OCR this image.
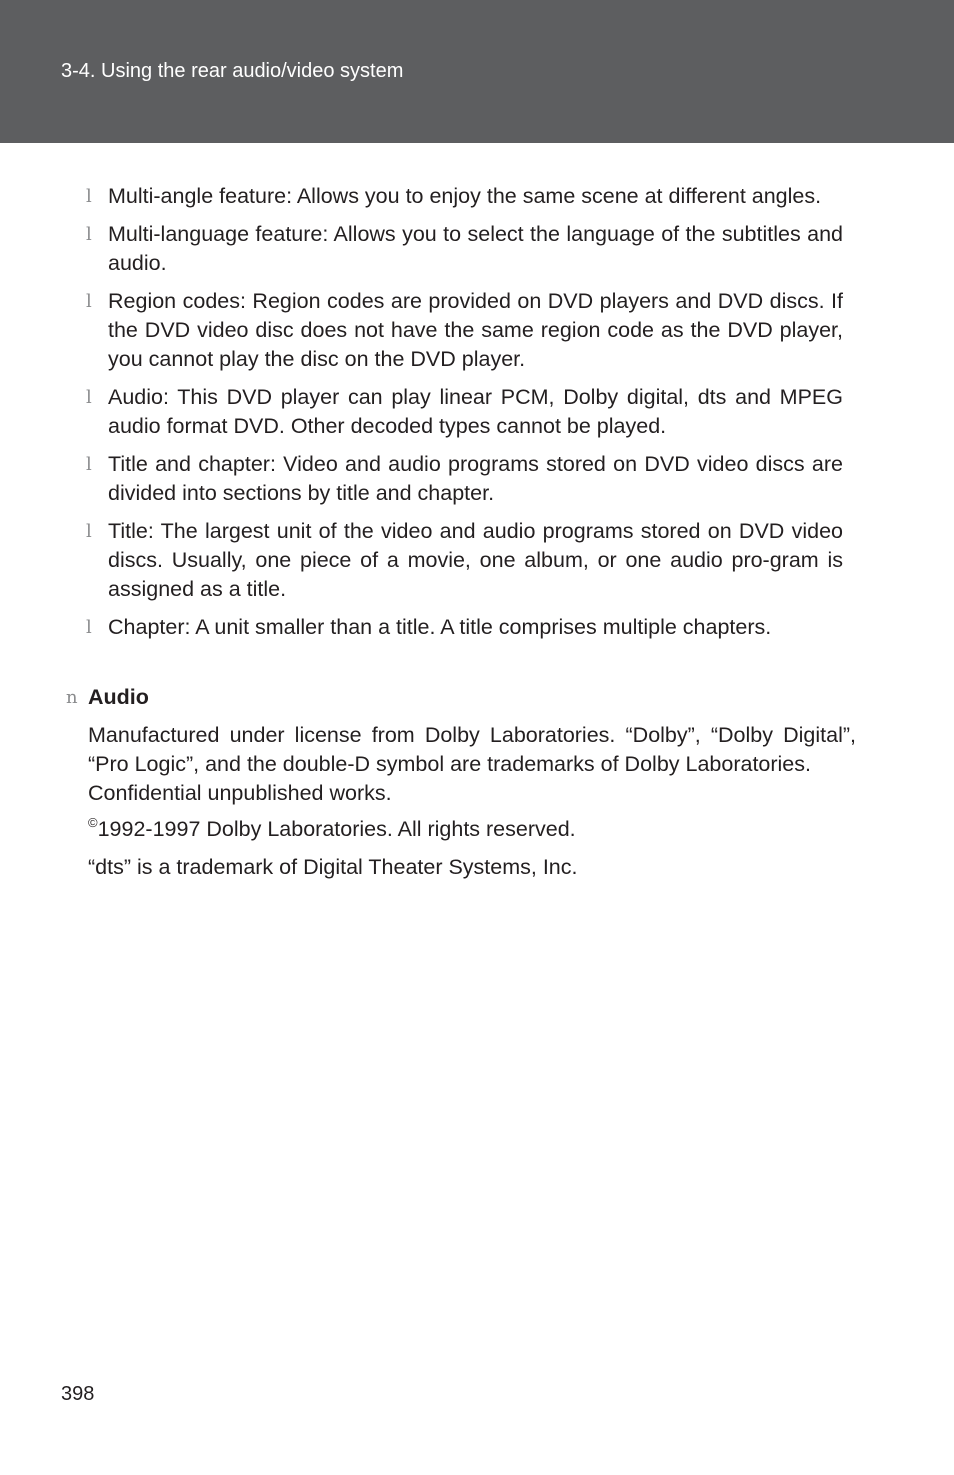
3-4. Using the rear audio/video system
l Multi-angle feature: Allows you to enjoy the same scene at different angles.
l Multi-language feature: Allows you to select the language of the subtitles and audio.
l Region codes: Region codes are provided on DVD players and DVD discs. If the DVD video disc does not have the same region code as the DVD player, you cannot play the disc on the DVD player.
l Audio: This DVD player can play linear PCM, Dolby digital, dts and MPEG audio format DVD. Other decoded types cannot be played.
l Title and chapter: Video and audio programs stored on DVD video discs are divided into sections by title and chapter.
l Title: The largest unit of the video and audio programs stored on DVD video discs. Usually, one piece of a movie, one album, or one audio pro-gram is assigned as a title.
l Chapter: A unit smaller than a title. A title comprises multiple chapters.
n Audio
Manufactured under license from Dolby Laboratories. “Dolby”, “Dolby Digital”, “Pro Logic”, and the double-D symbol are trademarks of Dolby Laboratories.
Confidential unpublished works.
©1992-1997 Dolby Laboratories. All rights reserved.
“dts” is a trademark of Digital Theater Systems, Inc.
398
